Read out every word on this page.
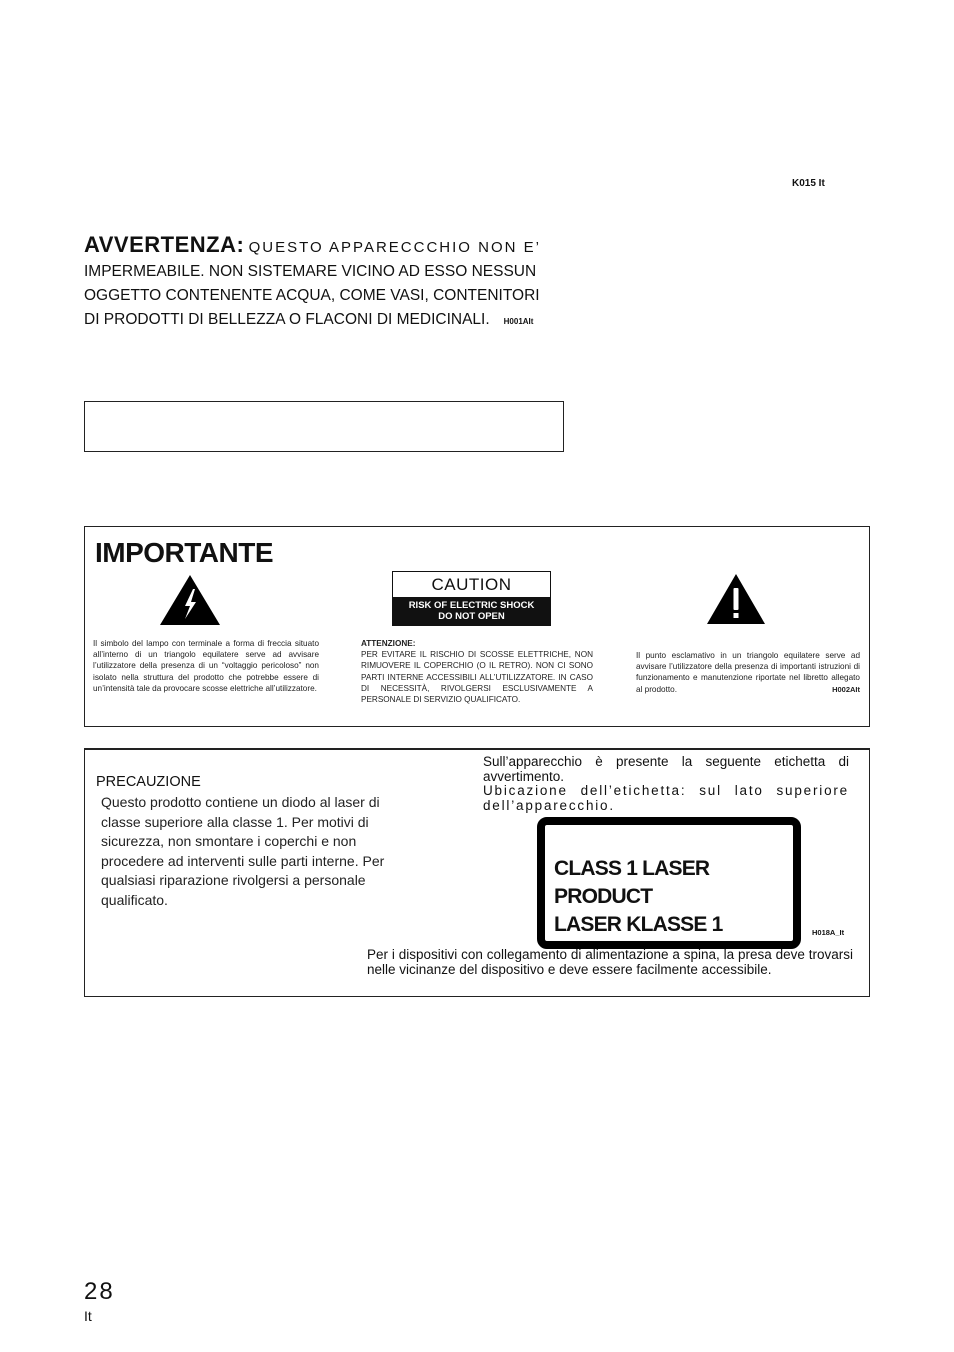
K015 It
AVVERTENZA: QUESTO APPARECCCHIO NON E’ IMPERMEABILE. NON SISTEMARE VICINO AD ESSO NESSUN OGGETTO CONTENENTE ACQUA, COME VASI, CONTENITORI DI PRODOTTI DI BELLEZZA O FLACONI DI MEDICINALI. H001AIt
IMPORTANTE
CAUTION
RISK OF ELECTRIC SHOCK
DO NOT OPEN
Il simbolo del lampo con terminale a forma di freccia situato all’interno di un triangolo equilatere serve ad avvisare l’utilizzatore della presenza di un “voltaggio pericoloso” non isolato nella struttura del prodotto che potrebbe essere di un’intensità tale da provocare scosse elettriche all’utilizzatore.
ATTENZIONE:
PER EVITARE IL RISCHIO DI SCOSSE ELETTRICHE, NON RIMUOVERE IL COPERCHIO (O IL RETRO). NON CI SONO PARTI INTERNE ACCESSIBILI ALL’UTILIZZATORE. IN CASO DI NECESSITÀ, RIVOLGERSI ESCLUSIVAMENTE A PERSONALE DI SERVIZIO QUALIFICATO.
Il punto esclamativo in un triangolo equilatere serve ad avvisare l’utilizzatore della presenza di importanti istruzioni di funzionamento e manutenzione riportate nel libretto allegato al prodotto.	H002AIt
PRECAUZIONE
Questo prodotto contiene un diodo al laser di classe superiore alla classe 1. Per motivi di sicurezza, non smontare i coperchi e non procedere ad interventi sulle parti interne. Per qualsiasi riparazione rivolgersi a personale qualificato.
Sull’apparecchio è presente la seguente etichetta di avvertimento.
Ubicazione dell’etichetta: sul lato superiore dell’apparecchio.
CLASS 1 LASER PRODUCT
LASER KLASSE 1	H018A_It
Per i dispositivi con collegamento di alimentazione a spina, la presa deve trovarsi nelle vicinanze del dispositivo e deve essere facilmente accessibile.
28
It
